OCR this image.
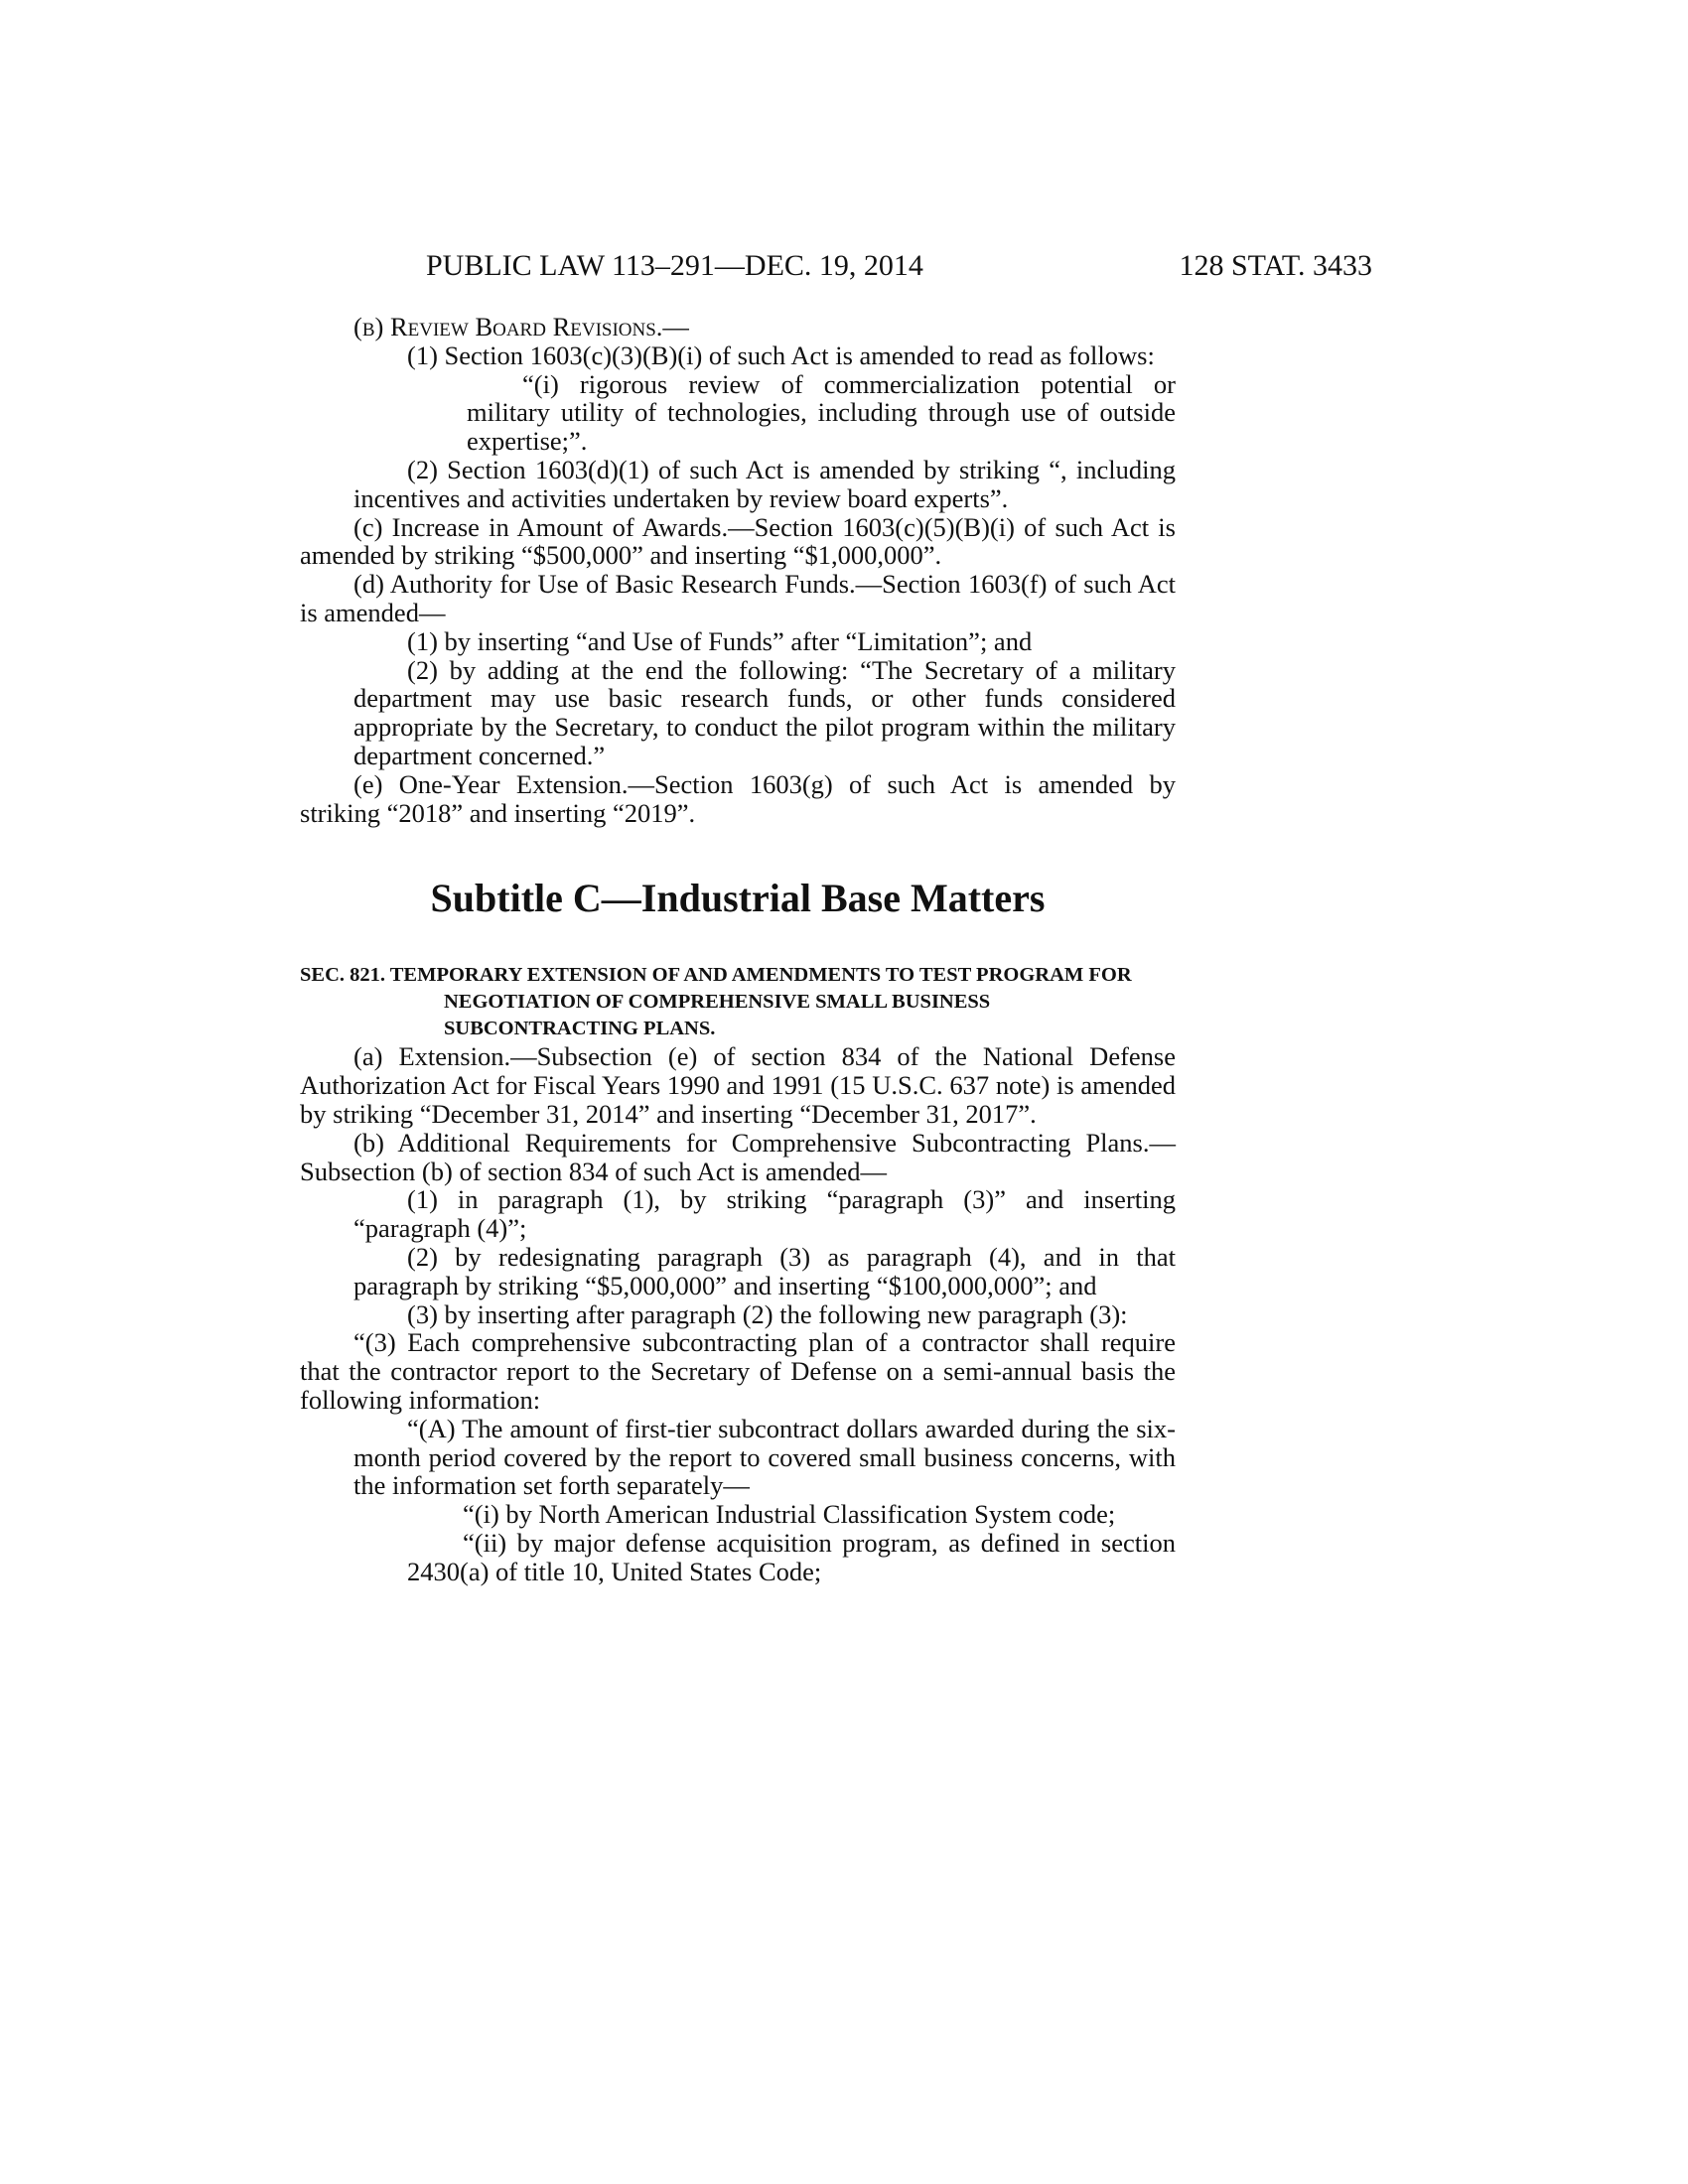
PUBLIC LAW 113–291—DEC. 19, 2014	128 STAT. 3433

(b) Review Board Revisions.—

(1) Section 1603(c)(3)(B)(i) of such Act is amended to read as follows:

“(i) rigorous review of commercialization potential or military utility of technologies, including through use of outside expertise;”.

(2) Section 1603(d)(1) of such Act is amended by striking “, including incentives and activities undertaken by review board experts”.

(c) Increase in Amount of Awards.—Section 1603(c)(5)(B)(i) of such Act is amended by striking “$500,000” and inserting “$1,000,000”.

(d) Authority for Use of Basic Research Funds.—Section 1603(f) of such Act is amended—

(1) by inserting “and Use of Funds” after “Limitation”; and

(2) by adding at the end the following: “The Secretary of a military department may use basic research funds, or other funds considered appropriate by the Secretary, to conduct the pilot program within the military department concerned.”

(e) One-Year Extension.—Section 1603(g) of such Act is amended by striking “2018” and inserting “2019”.

Subtitle C—Industrial Base Matters

SEC. 821. TEMPORARY EXTENSION OF AND AMENDMENTS TO TEST PROGRAM FOR NEGOTIATION OF COMPREHENSIVE SMALL BUSINESS SUBCONTRACTING PLANS.

(a) Extension.—Subsection (e) of section 834 of the National Defense Authorization Act for Fiscal Years 1990 and 1991 (15 U.S.C. 637 note) is amended by striking “December 31, 2014” and inserting “December 31, 2017”.

(b) Additional Requirements for Comprehensive Subcontracting Plans.—Subsection (b) of section 834 of such Act is amended—

(1) in paragraph (1), by striking “paragraph (3)” and inserting “paragraph (4)”;

(2) by redesignating paragraph (3) as paragraph (4), and in that paragraph by striking “$5,000,000” and inserting “$100,000,000”; and

(3) by inserting after paragraph (2) the following new paragraph (3):

“(3) Each comprehensive subcontracting plan of a contractor shall require that the contractor report to the Secretary of Defense on a semi-annual basis the following information:

“(A) The amount of first-tier subcontract dollars awarded during the six-month period covered by the report to covered small business concerns, with the information set forth separately—

“(i) by North American Industrial Classification System code;

“(ii) by major defense acquisition program, as defined in section 2430(a) of title 10, United States Code;
